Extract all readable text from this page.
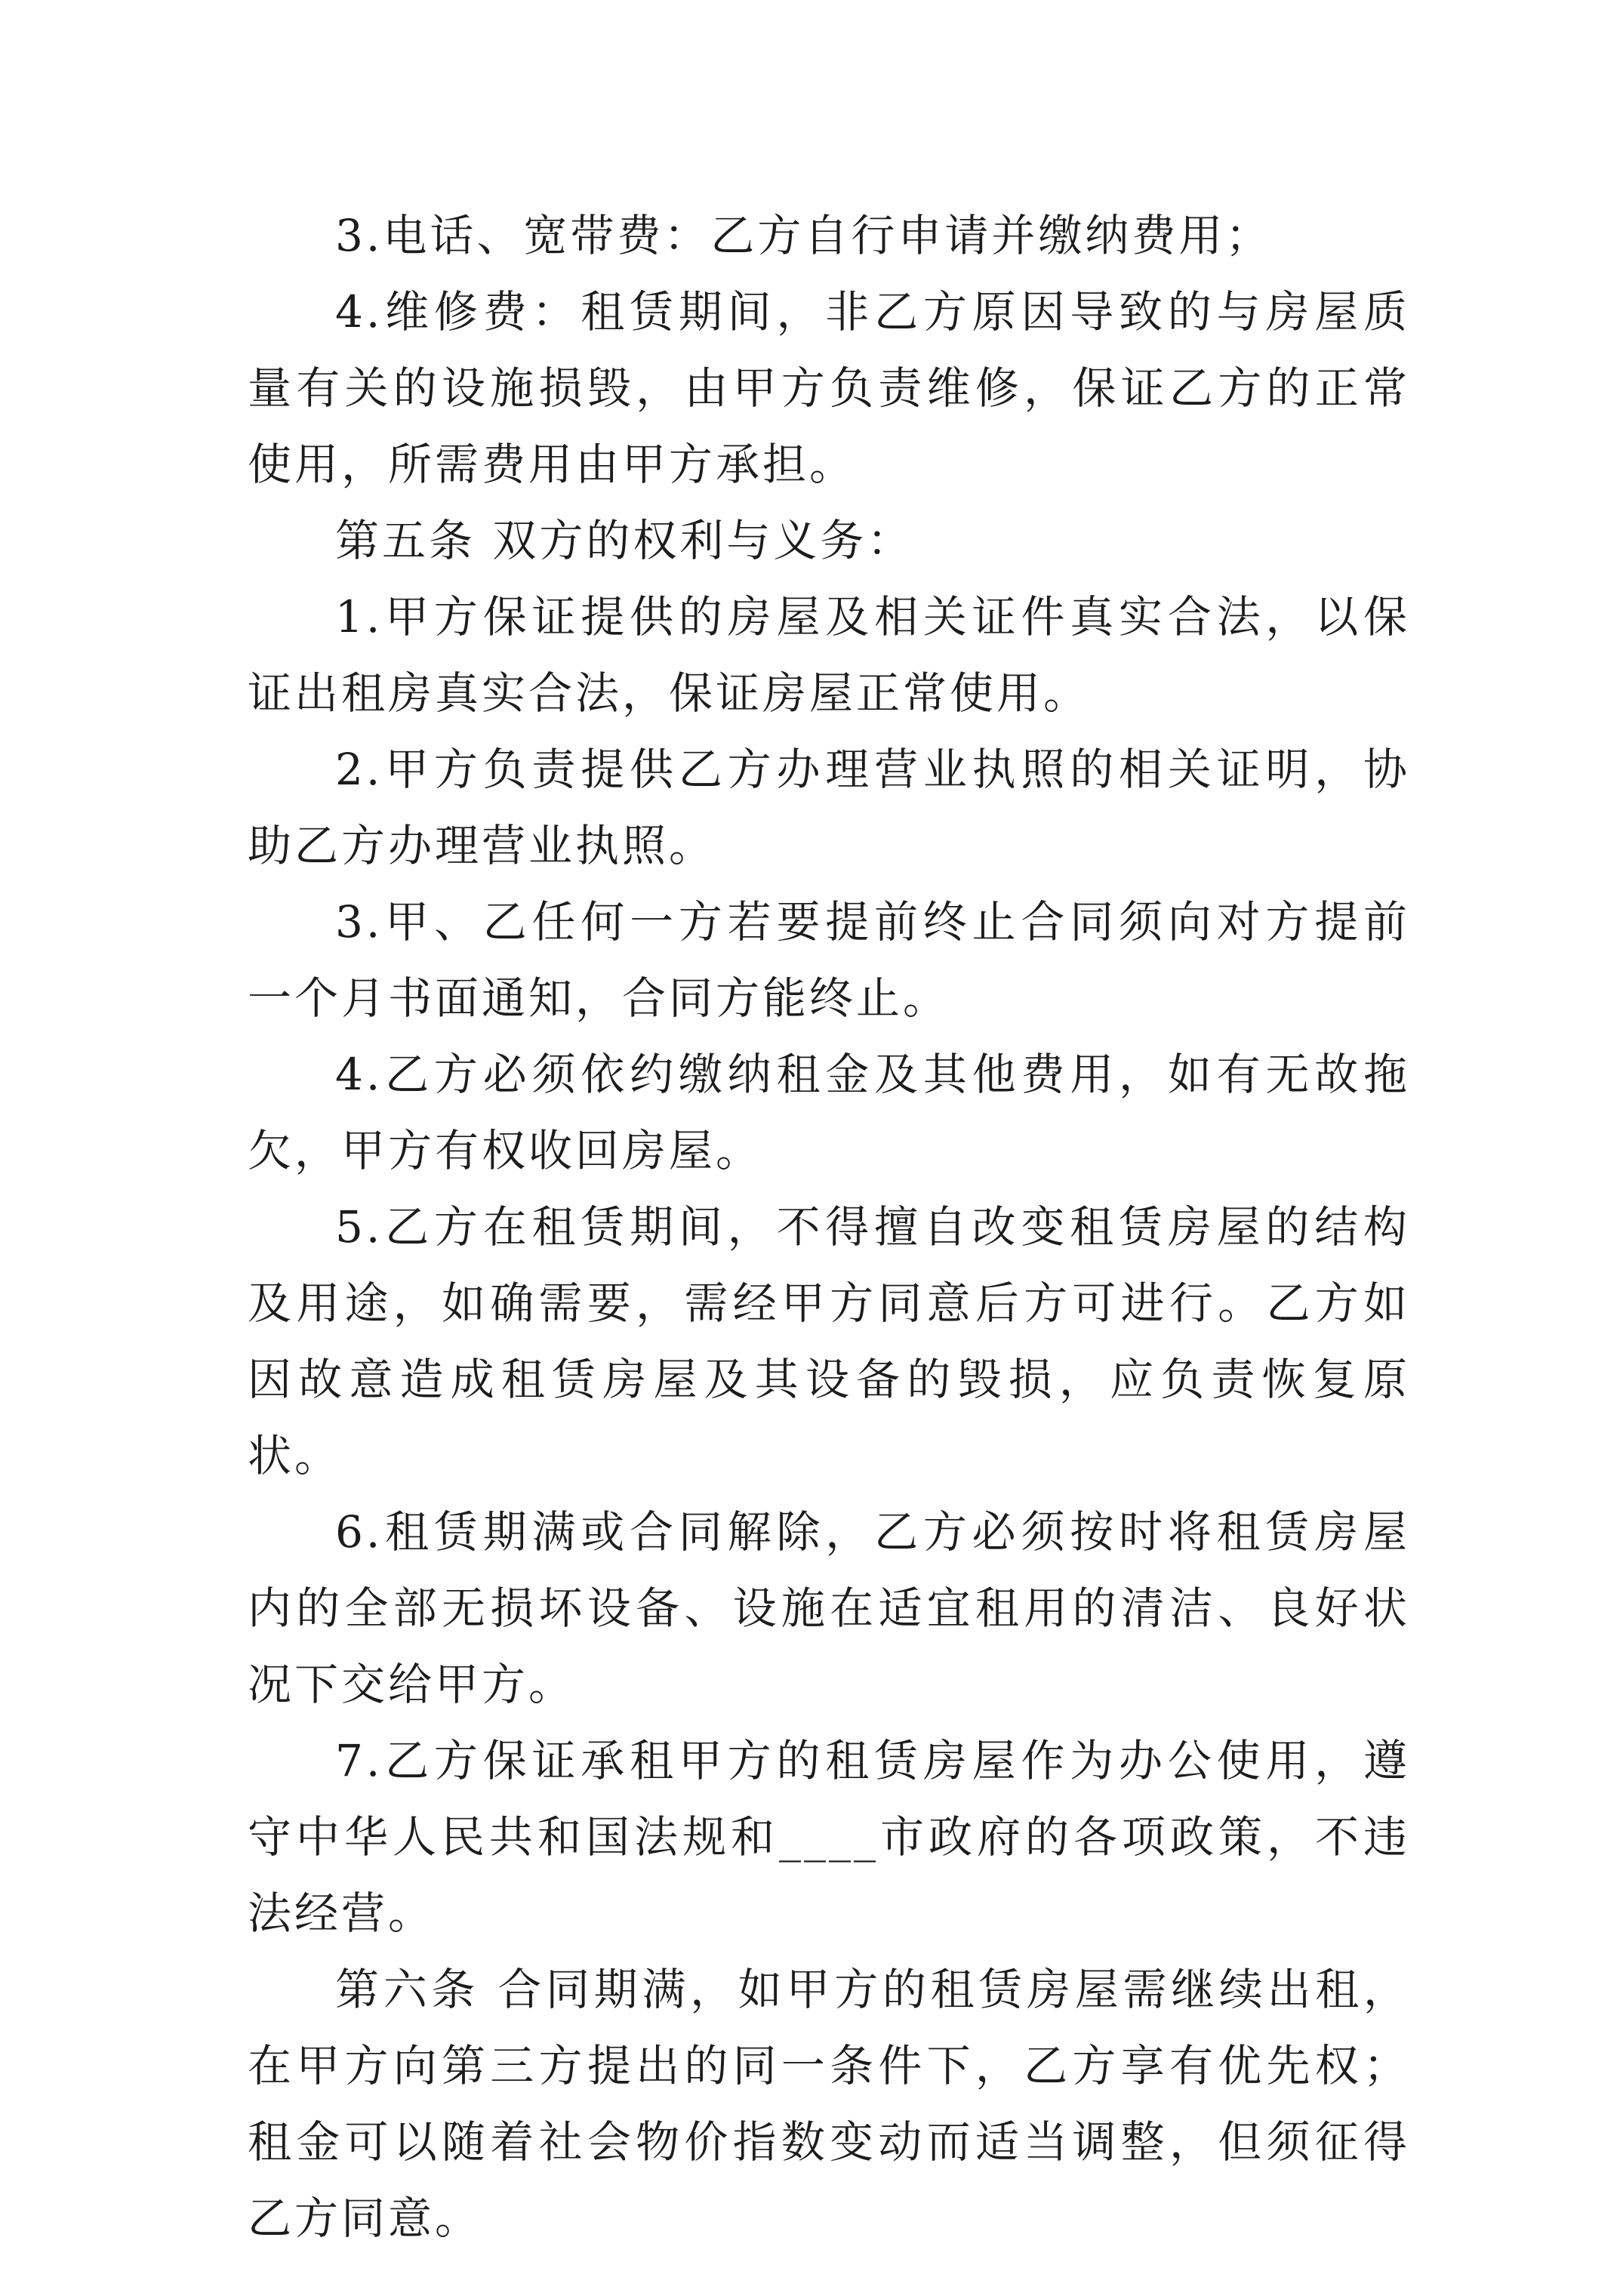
3.电话、宽带费：乙方自行申请并缴纳费用；

4.维修费：租赁期间，非乙方原因导致的与房屋质量有关的设施损毁，由甲方负责维修，保证乙方的正常使用，所需费用由甲方承担。

第五条 双方的权利与义务：

1.甲方保证提供的房屋及相关证件真实合法，以保证出租房真实合法，保证房屋正常使用。

2.甲方负责提供乙方办理营业执照的相关证明，协助乙方办理营业执照。

3.甲、乙任何一方若要提前终止合同须向对方提前一个月书面通知，合同方能终止。

4.乙方必须依约缴纳租金及其他费用，如有无故拖欠，甲方有权收回房屋。

5.乙方在租赁期间，不得擅自改变租赁房屋的结构及用途，如确需要，需经甲方同意后方可进行。乙方如因故意造成租赁房屋及其设备的毁损，应负责恢复原状。

6.租赁期满或合同解除，乙方必须按时将租赁房屋内的全部无损坏设备、设施在适宜租用的清洁、良好状况下交给甲方。

7.乙方保证承租甲方的租赁房屋作为办公使用，遵守中华人民共和国法规和____市政府的各项政策，不违法经营。

第六条 合同期满，如甲方的租赁房屋需继续出租，在甲方向第三方提出的同一条件下，乙方享有优先权；租金可以随着社会物价指数变动而适当调整，但须征得乙方同意。
